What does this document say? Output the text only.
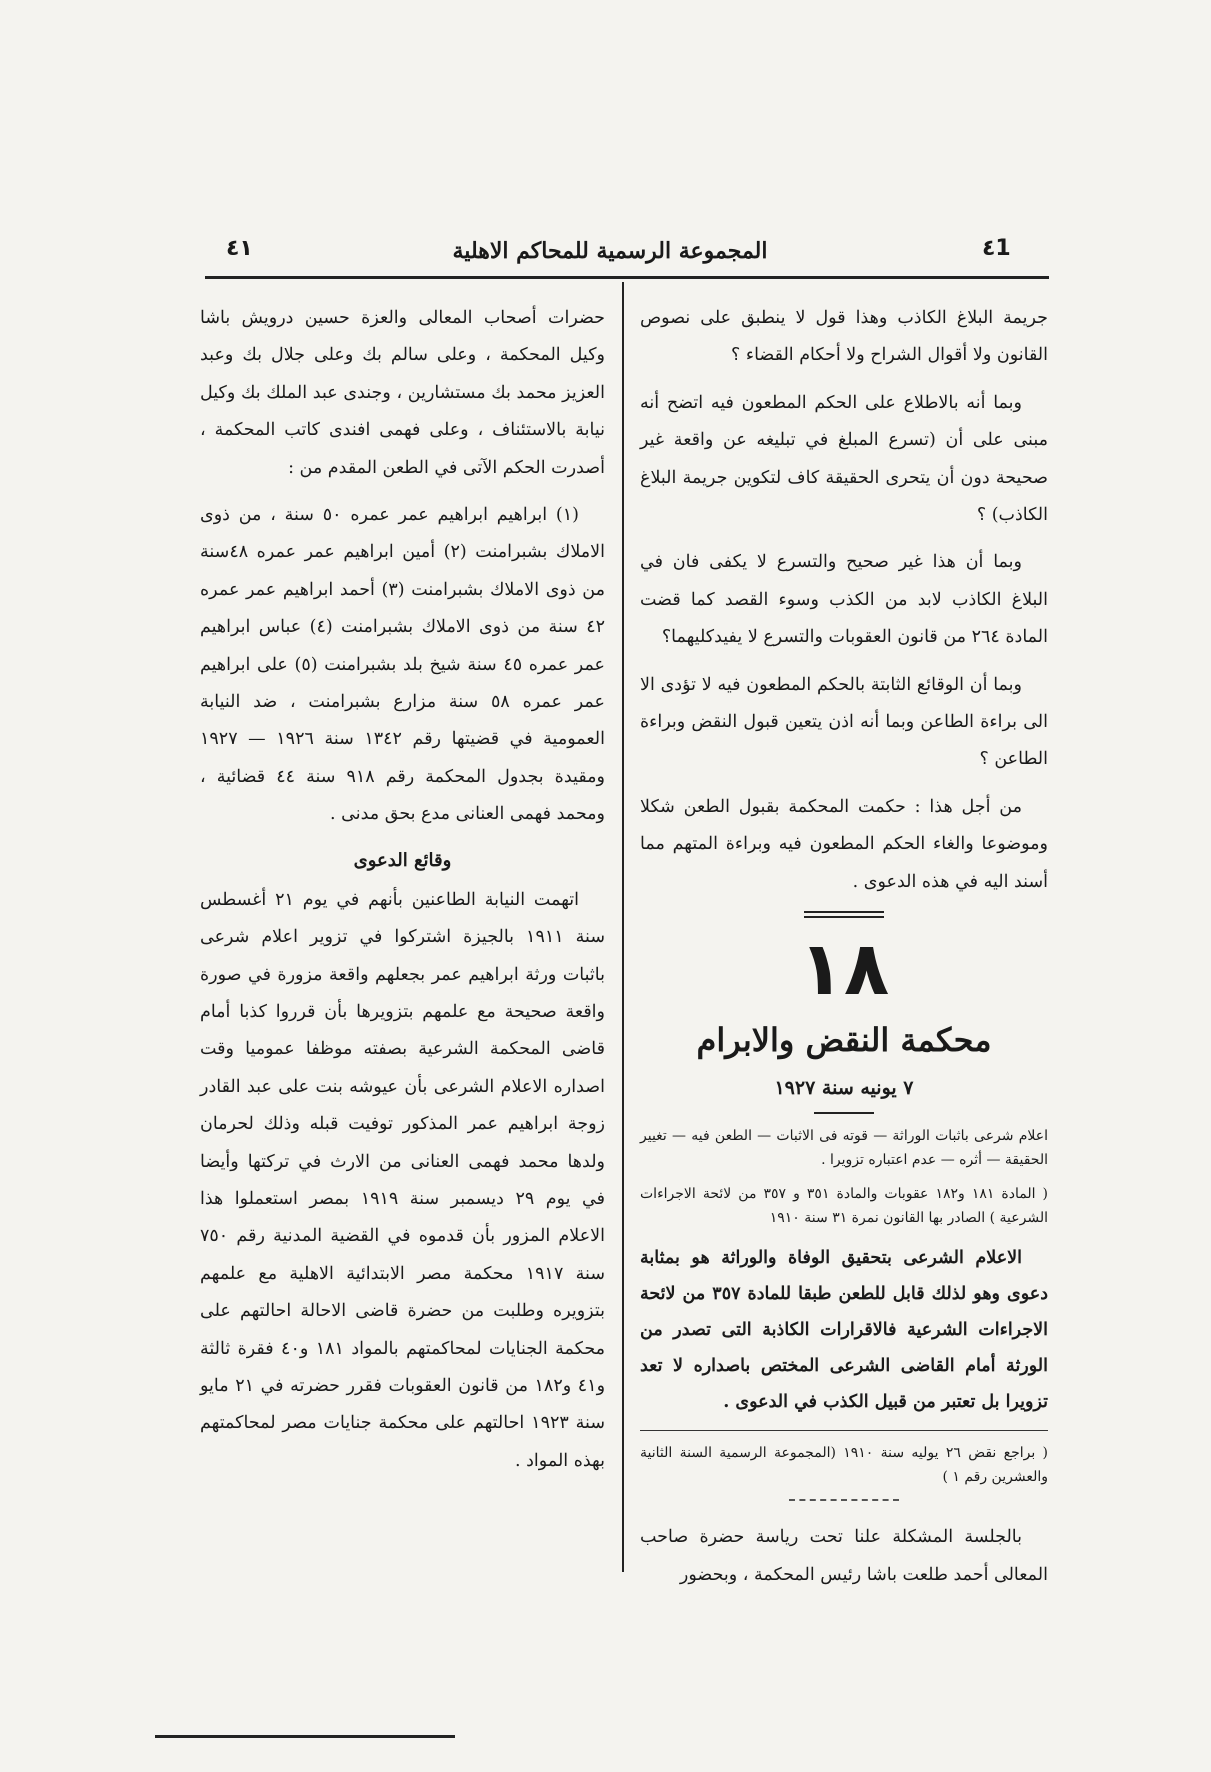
٤١	المجموعة الرسمية للمحاكم الاهلية	٤1

جريمة البلاغ الكاذب وهذا قول لا ينطبق على نصوص القانون ولا أقوال الشراح ولا أحكام القضاء ؟

وبما أنه بالاطلاع على الحكم المطعون فيه اتضح أنه مبنى على أن (تسرع المبلغ في تبليغه عن واقعة غير صحيحة دون أن يتحرى الحقيقة كاف لتكوين جريمة البلاغ الكاذب) ؟

وبما أن هذا غير صحيح والتسرع لا يكفى فان في البلاغ الكاذب لابد من الكذب وسوء القصد كما قضت المادة ٢٦٤ من قانون العقوبات والتسرع لا يفيدكليهما؟

وبما أن الوقائع الثابتة بالحكم المطعون فيه لا تؤدى الا الى براءة الطاعن وبما أنه اذن يتعين قبول النقض وبراءة الطاعن ؟

من أجل هذا : حكمت المحكمة بقبول الطعن شكلا وموضوعا والغاء الحكم المطعون فيه وبراءة المتهم مما أسند اليه في هذه الدعوى .

١٨
محكمة النقض والابرام
٧ يونيه سنة ١٩٢٧

اعلام شرعى باثبات الوراثة — قوته فى الاثبات — الطعن فيه — تغيير الحقيقة — أثره — عدم اعتباره تزويرا .

( المادة ١٨١ و١٨٢ عقوبات والمادة ٣٥١ و ٣٥٧ من لائحة الاجراءات الشرعية ) الصادر بها القانون نمرة ٣١ سنة ١٩١٠

الاعلام الشرعى بتحقيق الوفاة والوراثة هو بمثابة دعوى وهو لذلك قابل للطعن طبقا للمادة ٣٥٧ من لائحة الاجراءات الشرعية فالاقرارات الكاذبة التى تصدر من الورثة أمام القاضى الشرعى المختص باصداره لا تعد تزويرا بل تعتبر من قبيل الكذب في الدعوى .

( براجع نقض ٢٦ يوليه سنة ١٩١٠ (المجموعة الرسمية السنة الثانية والعشرين رقم ١ )

بالجلسة المشكلة علنا تحت رياسة حضرة صاحب المعالى أحمد طلعت باشا رئيس المحكمة ، وبحضور

حضرات أصحاب المعالى والعزة حسين درويش باشا وكيل المحكمة ، وعلى سالم بك وعلى جلال بك وعبد العزيز محمد بك مستشارين ، وجندى عبد الملك بك وكيل نيابة بالاستئناف ، وعلى فهمى افندى كاتب المحكمة ، أصدرت الحكم الآتى في الطعن المقدم من :

(١) ابراهيم ابراهيم عمر عمره ٥٠ سنة ، من ذوى الاملاك بشبرامنت (٢) أمين ابراهيم عمر عمره ٤٨سنة من ذوى الاملاك بشبرامنت (٣) أحمد ابراهيم عمر عمره ٤٢ سنة من ذوى الاملاك بشبرامنت (٤) عباس ابراهيم عمر عمره ٤٥ سنة شيخ بلد بشبرامنت (٥) على ابراهيم عمر عمره ٥٨ سنة مزارع بشبرامنت ، ضد النيابة العمومية في قضيتها رقم ١٣٤٢ سنة ١٩٢٦ — ١٩٢٧ ومقيدة بجدول المحكمة رقم ٩١٨ سنة ٤٤ قضائية ، ومحمد فهمى العنانى مدع بحق مدنى .

وقائع الدعوى

اتهمت النيابة الطاعنين بأنهم في يوم ٢١ أغسطس سنة ١٩١١ بالجيزة اشتركوا في تزوير اعلام شرعى باثبات ورثة ابراهيم عمر بجعلهم واقعة مزورة في صورة واقعة صحيحة مع علمهم بتزويرها بأن قرروا كذبا أمام قاضى المحكمة الشرعية بصفته موظفا عموميا وقت اصداره الاعلام الشرعى بأن عيوشه بنت على عبد القادر زوجة ابراهيم عمر المذكور توفيت قبله وذلك لحرمان ولدها محمد فهمى العنانى من الارث في تركتها وأيضا في يوم ٢٩ ديسمبر سنة ١٩١٩ بمصر استعملوا هذا الاعلام المزور بأن قدموه في القضية المدنية رقم ٧٥٠ سنة ١٩١٧ محكمة مصر الابتدائية الاهلية مع علمهم بتزويره وطلبت من حضرة قاضى الاحالة احالتهم على محكمة الجنايات لمحاكمتهم بالمواد ١٨١ و٤٠ فقرة ثالثة و٤١ و١٨٢ من قانون العقوبات فقرر حضرته في ٢١ مايو سنة ١٩٢٣ احالتهم على محكمة جنايات مصر لمحاكمتهم بهذه المواد .
